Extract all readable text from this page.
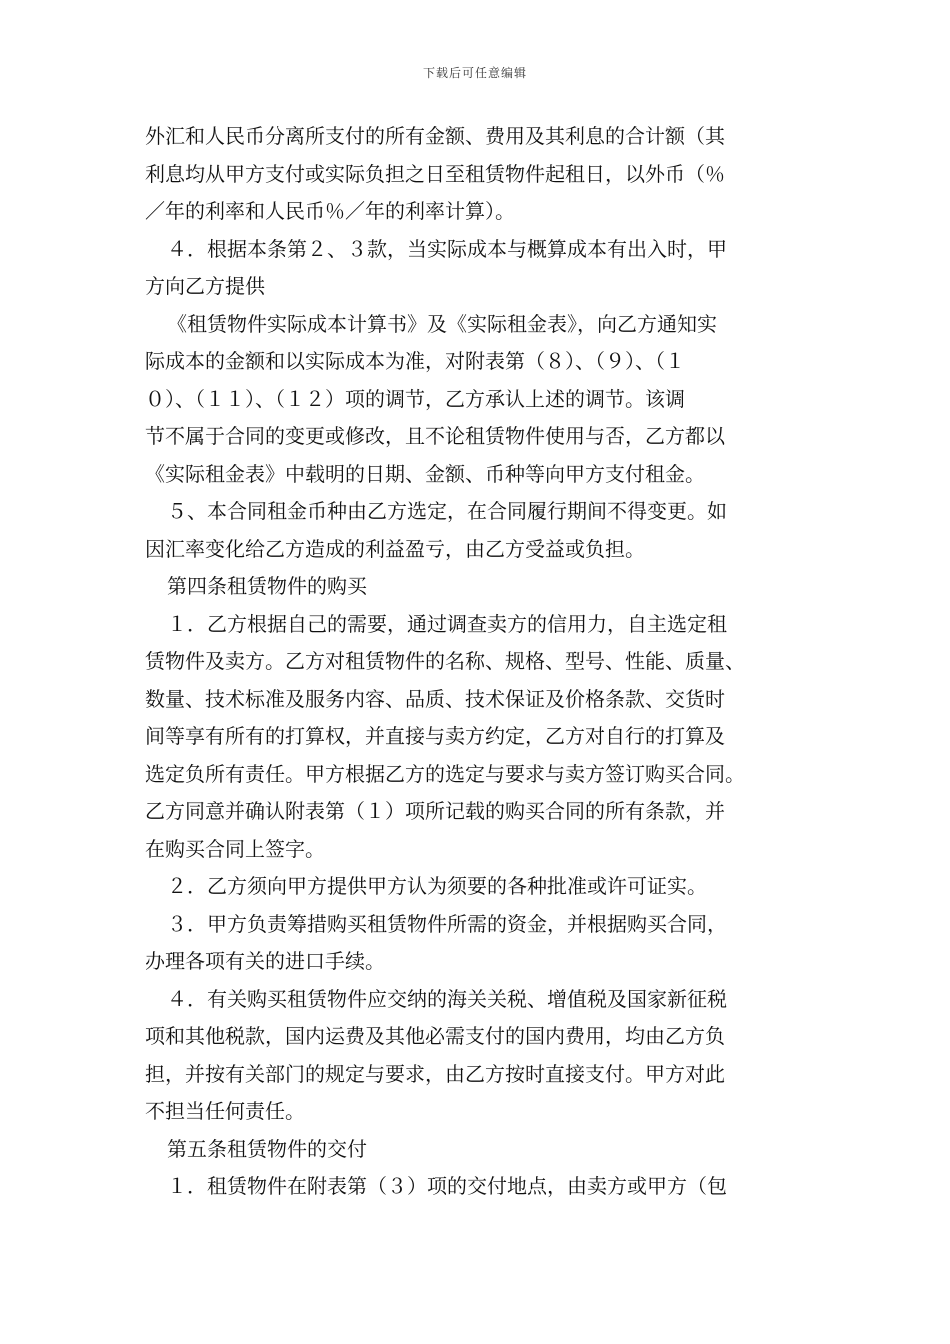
下载后可任意编辑
外汇和人民币分离所支付的所有金额、费用及其利息的合计额（其
利息均从甲方支付或实际负担之日至租赁物件起租日，以外币（％
／年的利率和人民币％／年的利率计算）。
４．根据本条第２、３款，当实际成本与概算成本有出入时，甲
方向乙方提供
《租赁物件实际成本计算书》及《实际租金表》，向乙方通知实
际成本的金额和以实际成本为准，对附表第（８）、（９）、（１
０）、（１１）、（１２）项的调节，乙方承认上述的调节。该调
节不属于合同的变更或修改，且不论租赁物件使用与否，乙方都以
《实际租金表》中载明的日期、金额、币种等向甲方支付租金。
５、本合同租金币种由乙方选定，在合同履行期间不得变更。如
因汇率变化给乙方造成的利益盈亏，由乙方受益或负担。
第四条租赁物件的购买
１．乙方根据自己的需要，通过调查卖方的信用力，自主选定租
赁物件及卖方。乙方对租赁物件的名称、规格、型号、性能、质量、
数量、技术标准及服务内容、品质、技术保证及价格条款、交货时
间等享有所有的打算权，并直接与卖方约定，乙方对自行的打算及
选定负所有责任。甲方根据乙方的选定与要求与卖方签订购买合同。
乙方同意并确认附表第（１）项所记载的购买合同的所有条款，并
在购买合同上签字。
２．乙方须向甲方提供甲方认为须要的各种批准或许可证实。
３．甲方负责筹措购买租赁物件所需的资金，并根据购买合同，
办理各项有关的进口手续。
４．有关购买租赁物件应交纳的海关关税、增值税及国家新征税
项和其他税款，国内运费及其他必需支付的国内费用，均由乙方负
担，并按有关部门的规定与要求，由乙方按时直接支付。甲方对此
不担当任何责任。
第五条租赁物件的交付
１．租赁物件在附表第（３）项的交付地点，由卖方或甲方（包
